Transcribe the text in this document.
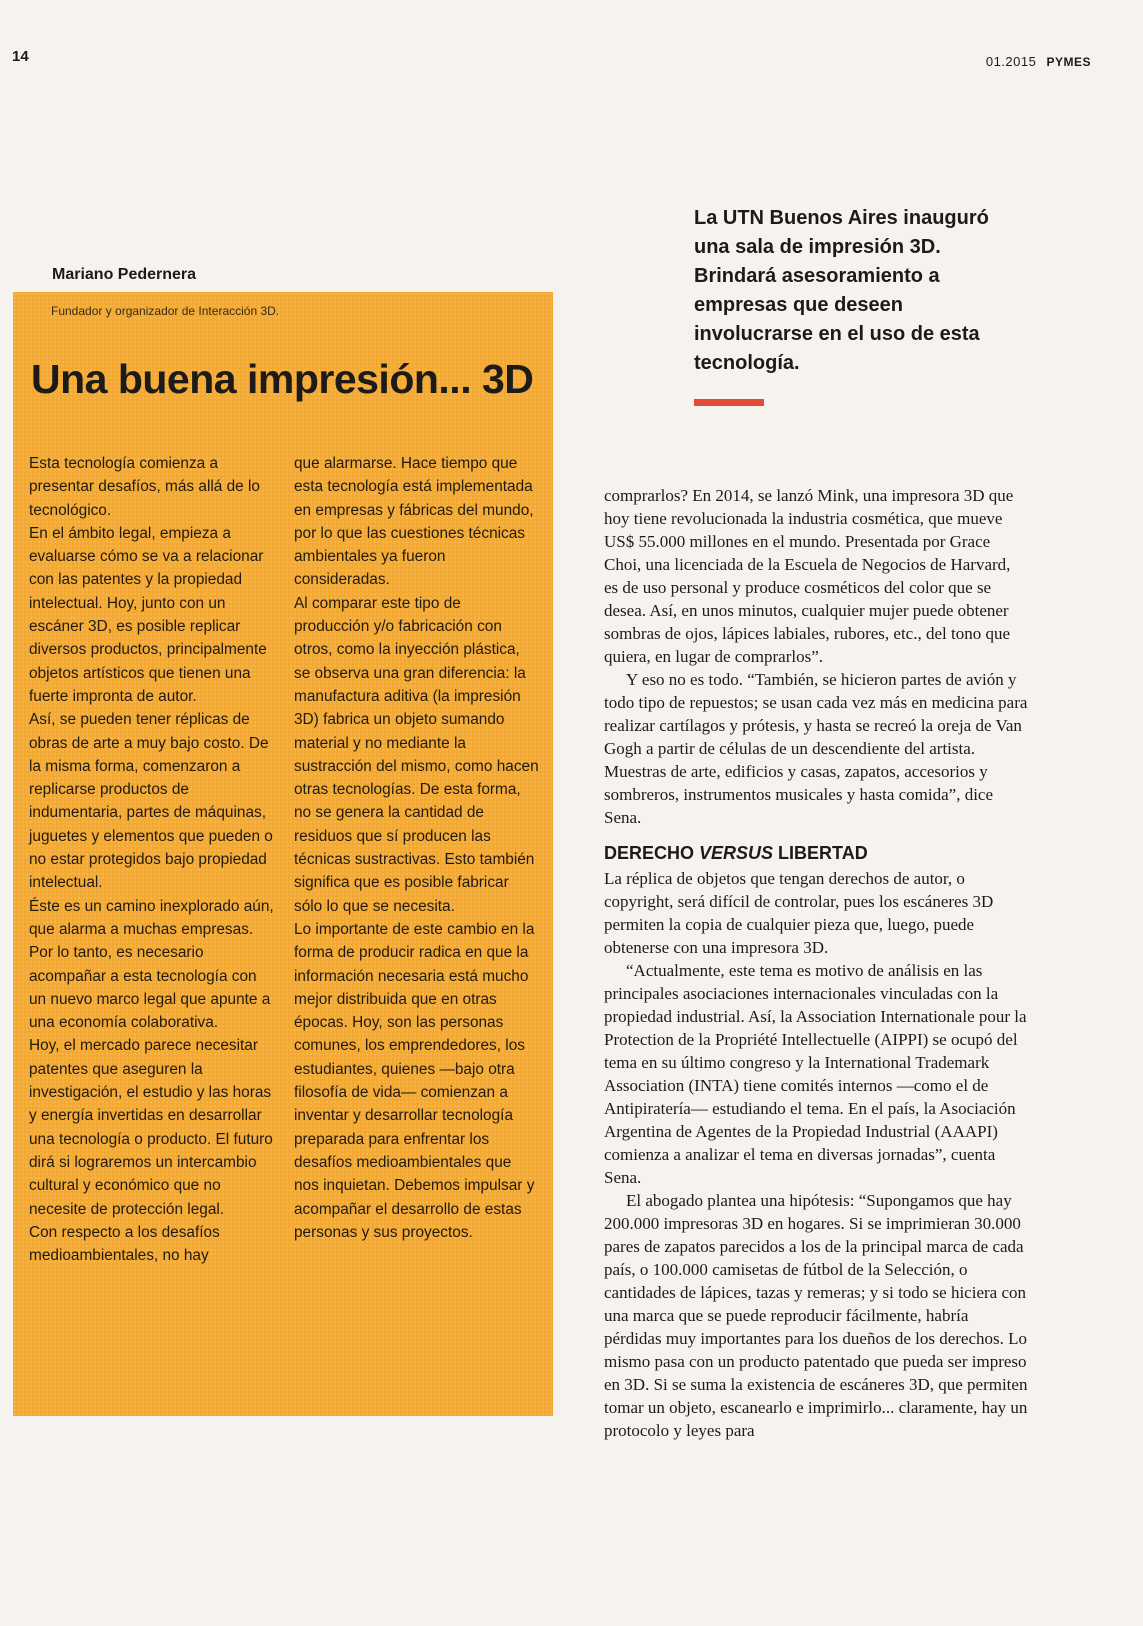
14	01.2015 PYMES
Mariano Pedernera
Fundador y organizador de Interacción 3D.
Una buena impresión... 3D

Esta tecnología comienza a presentar desafíos, más allá de lo tecnológico.

En el ámbito legal, empieza a evaluarse cómo se va a relacionar con las patentes y la propiedad intelectual. Hoy, junto con un escáner 3D, es posible replicar diversos productos, principalmente objetos artísticos que tienen una fuerte impronta de autor.

Así, se pueden tener réplicas de obras de arte a muy bajo costo. De la misma forma, comenzaron a replicarse productos de indumentaria, partes de máquinas, juguetes y elementos que pueden o no estar protegidos bajo propiedad intelectual.

Éste es un camino inexplorado aún, que alarma a muchas empresas. Por lo tanto, es necesario acompañar a esta tecnología con un nuevo marco legal que apunte a una economía colaborativa.

Hoy, el mercado parece necesitar patentes que aseguren la investigación, el estudio y las horas y energía invertidas en desarrollar una tecnología o producto. El futuro dirá si lograremos un intercambio cultural y económico que no necesite de protección legal.

Con respecto a los desafíos medioambientales, no hay

que alarmarse. Hace tiempo que esta tecnología está implementada en empresas y fábricas del mundo, por lo que las cuestiones técnicas ambientales ya fueron consideradas.

Al comparar este tipo de producción y/o fabricación con otros, como la inyección plástica, se observa una gran diferencia: la manufactura aditiva (la impresión 3D) fabrica un objeto sumando material y no mediante la sustracción del mismo, como hacen otras tecnologías. De esta forma, no se genera la cantidad de residuos que sí producen las técnicas sustractivas. Esto también significa que es posible fabricar sólo lo que se necesita.

Lo importante de este cambio en la forma de producir radica en que la información necesaria está mucho mejor distribuida que en otras épocas. Hoy, son las personas comunes, los emprendedores, los estudiantes, quienes —bajo otra filosofía de vida— comienzan a inventar y desarrollar tecnología preparada para enfrentar los desafíos medioambientales que nos inquietan. Debemos impulsar y acompañar el desarrollo de estas personas y sus proyectos.

La UTN Buenos Aires inauguró una sala de impresión 3D. Brindará asesoramiento a empresas que deseen involucrarse en el uso de esta tecnología.

comprarlos? En 2014, se lanzó Mink, una impresora 3D que hoy tiene revolucionada la industria cosmética, que mueve US$ 55.000 millones en el mundo. Presentada por Grace Choi, una licenciada de la Escuela de Negocios de Harvard, es de uso personal y produce cosméticos del color que se desea. Así, en unos minutos, cualquier mujer puede obtener sombras de ojos, lápices labiales, rubores, etc., del tono que quiera, en lugar de comprarlos”.

Y eso no es todo. “También, se hicieron partes de avión y todo tipo de repuestos; se usan cada vez más en medicina para realizar cartílagos y prótesis, y hasta se recreó la oreja de Van Gogh a partir de células de un descendiente del artista. Muestras de arte, edificios y casas, zapatos, accesorios y sombreros, instrumentos musicales y hasta comida”, dice Sena.

DERECHO VERSUS LIBERTAD

La réplica de objetos que tengan derechos de autor, o copyright, será difícil de controlar, pues los escáneres 3D permiten la copia de cualquier pieza que, luego, puede obtenerse con una impresora 3D.

“Actualmente, este tema es motivo de análisis en las principales asociaciones internacionales vinculadas con la propiedad industrial. Así, la Association Internationale pour la Protection de la Propriété Intellectuelle (AIPPI) se ocupó del tema en su último congreso y la International Trademark Association (INTA) tiene comités internos —como el de Antipiratería— estudiando el tema. En el país, la Asociación Argentina de Agentes de la Propiedad Industrial (AAAPI) comienza a analizar el tema en diversas jornadas”, cuenta Sena.

El abogado plantea una hipótesis: “Supongamos que hay 200.000 impresoras 3D en hogares. Si se imprimieran 30.000 pares de zapatos parecidos a los de la principal marca de cada país, o 100.000 camisetas de fútbol de la Selección, o cantidades de lápices, tazas y remeras; y si todo se hiciera con una marca que se puede reproducir fácilmente, habría pérdidas muy importantes para los dueños de los derechos. Lo mismo pasa con un producto patentado que pueda ser impreso en 3D. Si se suma la existencia de escáneres 3D, que permiten tomar un objeto, escanearlo e imprimirlo... claramente, hay un protocolo y leyes para
